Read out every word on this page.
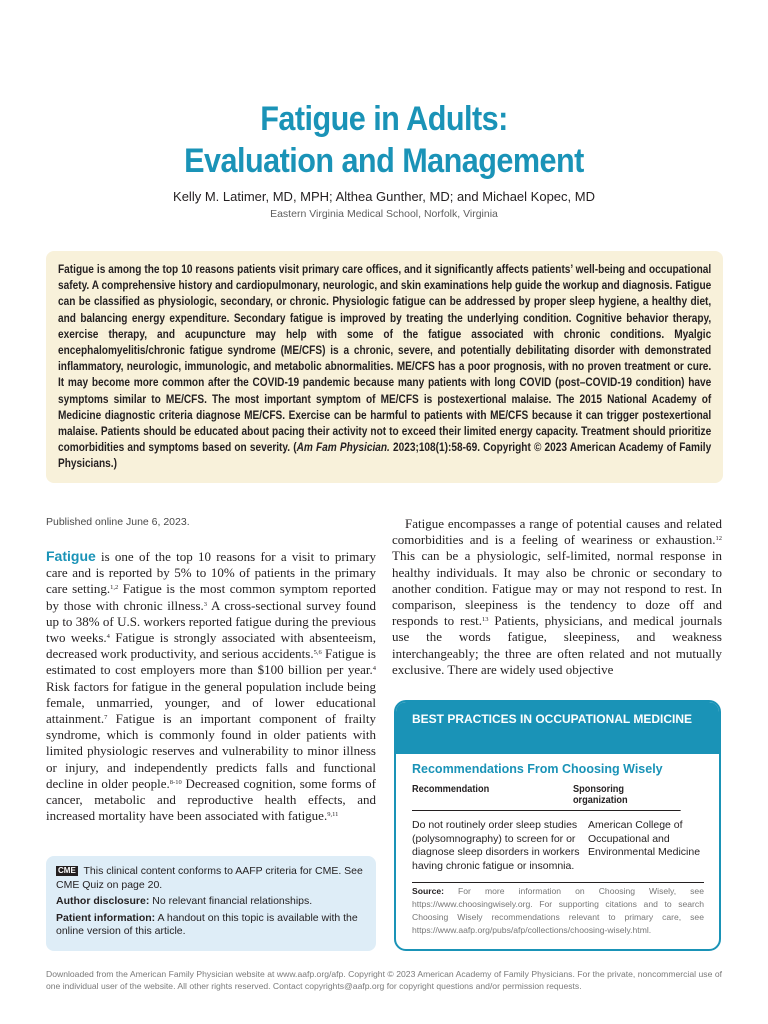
Fatigue in Adults:
Evaluation and Management
Kelly M. Latimer, MD, MPH; Althea Gunther, MD; and Michael Kopec, MD
Eastern Virginia Medical School, Norfolk, Virginia

Fatigue is among the top 10 reasons patients visit primary care offices, and it significantly affects patients’ well-being and occupational safety. A comprehensive history and cardiopulmonary, neurologic, and skin examinations help guide the workup and diagnosis. Fatigue can be classified as physiologic, secondary, or chronic. Physiologic fatigue can be addressed by proper sleep hygiene, a healthy diet, and balancing energy expenditure. Secondary fatigue is improved by treating the underlying condition. Cognitive behavior therapy, exercise therapy, and acupuncture may help with some of the fatigue associated with chronic conditions. Myalgic encephalomyelitis/chronic fatigue syndrome (ME/CFS) is a chronic, severe, and potentially debilitating disorder with demonstrated inflammatory, neurologic, immunologic, and metabolic abnormalities. ME/CFS has a poor prognosis, with no proven treatment or cure. It may become more common after the COVID-19 pandemic because many patients with long COVID (post–COVID-19 condition) have symptoms similar to ME/CFS. The most important symptom of ME/CFS is postexertional malaise. The 2015 National Academy of Medicine diagnostic criteria diagnose ME/CFS. Exercise can be harmful to patients with ME/CFS because it can trigger postexertional malaise. Patients should be educated about pacing their activity not to exceed their limited energy capacity. Treatment should prioritize comorbidities and symptoms based on severity. (Am Fam Physician. 2023;108(1):58-69. Copyright © 2023 American Academy of Family Physicians.)

Published online June 6, 2023.

Fatigue is one of the top 10 reasons for a visit to primary care and is reported by 5% to 10% of patients in the primary care setting.$^{1,2}$ Fatigue is the most common symptom reported by those with chronic illness.$^3$ A cross-sectional survey found up to 38% of U.S. workers reported fatigue during the previous two weeks.$^4$ Fatigue is strongly associated with absenteeism, decreased work productivity, and serious accidents.$^{5,6}$ Fatigue is estimated to cost employers more than $100 billion per year.$^4$ Risk factors for fatigue in the general population include being female, unmarried, younger, and of lower educational attainment.$^7$ Fatigue is an important component of frailty syndrome, which is commonly found in older patients with limited physiologic reserves and vulnerability to minor illness or injury, and independently predicts falls and functional decline in older people.$^{8-10}$ Decreased cognition, some forms of cancer, metabolic and reproductive health effects, and increased mortality have been associated with fatigue.$^{9,11}$

Fatigue encompasses a range of potential causes and related comorbidities and is a feeling of weariness or exhaustion.$^{12}$ This can be a physiologic, self-limited, normal response in healthy individuals. It may also be chronic or secondary to another condition. Fatigue may or may not respond to rest. In comparison, sleepiness is the tendency to doze off and responds to rest.$^{13}$ Patients, physicians, and medical journals use the words fatigue, sleepiness, and weakness interchangeably; the three are often related and not mutually exclusive. There are widely used objective

CME This clinical content conforms to AAFP criteria for CME. See CME Quiz on page 20.

Author disclosure: No relevant financial relationships.

Patient information: A handout on this topic is available with the online version of this article.

BEST PRACTICES IN OCCUPATIONAL MEDICINE
Recommendations From Choosing Wisely
Recommendation	Sponsoring organization
Do not routinely order sleep studies (polysomnography) to screen for or diagnose sleep disorders in workers having chronic fatigue or insomnia.
American College of Occupational and Environmental Medicine
Source: For more information on Choosing Wisely, see https://www.choosingwisely.org. For supporting citations and to search Choosing Wisely recommendations relevant to primary care, see https://www.aafp.org/pubs/afp/collections/choosing-wisely.html.
Downloaded from the American Family Physician website at www.aafp.org/afp. Copyright © 2023 American Academy of Family Physicians. For the private, noncommercial use of one individual user of the website. All other rights reserved. Contact copyrights@aafp.org for copyright questions and/or permission requests.
